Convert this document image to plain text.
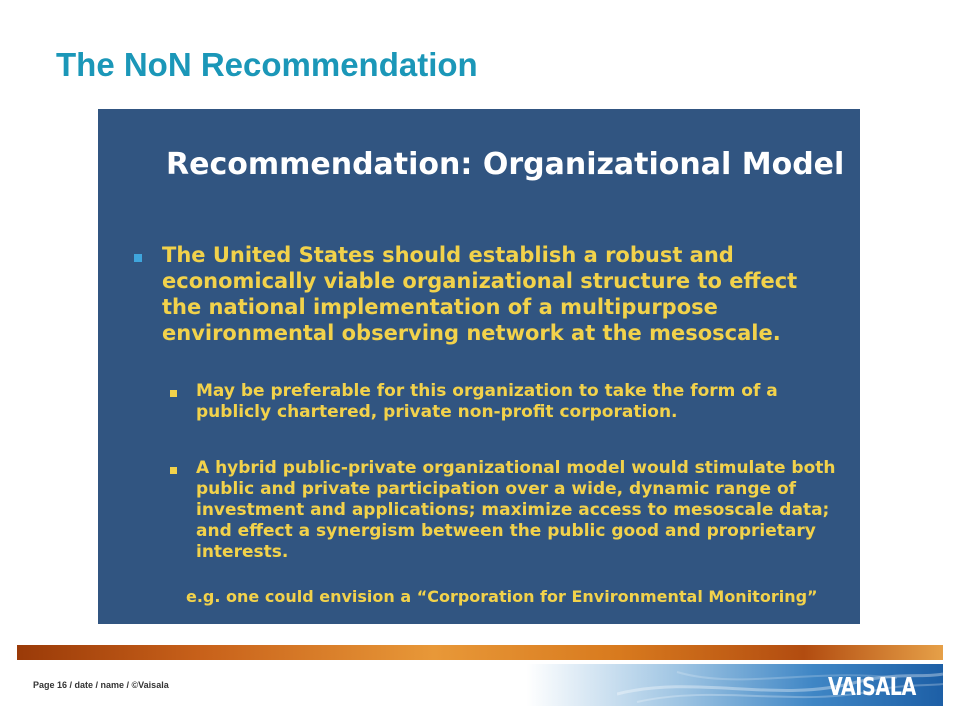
The NoN Recommendation
Recommendation: Organizational Model
The United States should establish a robust and economically viable organizational structure to effect the national implementation of a multipurpose environmental observing network at the mesoscale.
May be preferable for this organization to take the form of a publicly chartered, private non-profit corporation.
A hybrid public-private organizational model would stimulate both public and private participation over a wide, dynamic range of investment and applications; maximize access to mesoscale data; and effect a synergism between the public good and proprietary interests.
e.g. one could envision a “Corporation for Environmental Monitoring”
Page 16 / date / name / ©Vaisala	VAISALA
